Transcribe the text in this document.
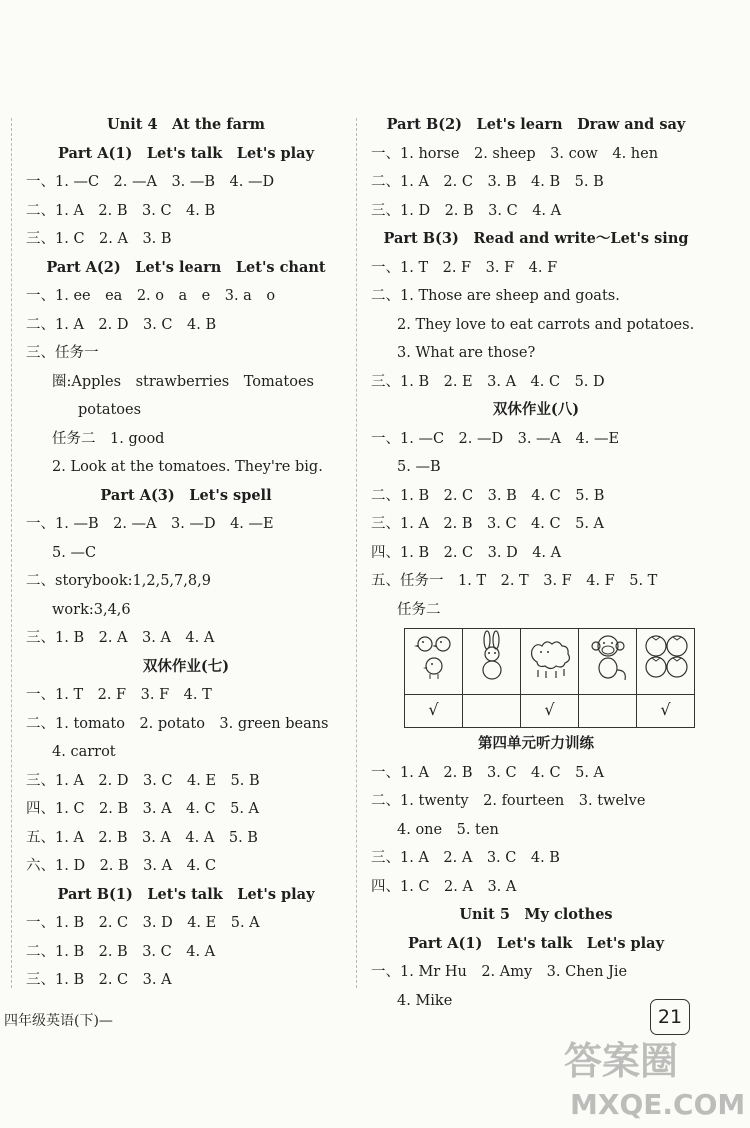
Unit 4　At the farm
Part A(1)　Let's talk　Let's play
一、1. —C　2. —A　3. —B　4. —D
二、1. A　2. B　3. C　4. B
三、1. C　2. A　3. B
Part A(2)　Let's learn　Let's chant
一、1. ee　ea　2. o　a　e　3. a　o
二、1. A　2. D　3. C　4. B
三、任务一
圈:Apples　strawberries　Tomatoes
potatoes
任务二　1. good
2. Look at the tomatoes. They're big.
Part A(3)　Let's spell
一、1. —B　2. —A　3. —D　4. —E
5. —C
二、storybook:1,2,5,7,8,9
work:3,4,6
三、1. B　2. A　3. A　4. A
双休作业(七)
一、1. T　2. F　3. F　4. T
二、1. tomato　2. potato　3. green beans
4. carrot
三、1. A　2. D　3. C　4. E　5. B
四、1. C　2. B　3. A　4. C　5. A
五、1. A　2. B　3. A　4. A　5. B
六、1. D　2. B　3. A　4. C
Part B(1)　Let's talk　Let's play
一、1. B　2. C　3. D　4. E　5. A
二、1. B　2. B　3. C　4. A
三、1. B　2. C　3. A
Part B(2)　Let's learn　Draw and say
一、1. horse　2. sheep　3. cow　4. hen
二、1. A　2. C　3. B　4. B　5. B
三、1. D　2. B　3. C　4. A
Part B(3)　Read and write～Let's sing
一、1. T　2. F　3. F　4. F
二、1. Those are sheep and goats.
2. They love to eat carrots and potatoes.
3. What are those?
三、1. B　2. E　3. A　4. C　5. D
双休作业(八)
一、1. —C　2. —D　3. —A　4. —E
5. —B
二、1. B　2. C　3. B　4. C　5. B
三、1. A　2. B　3. C　4. C　5. A
四、1. B　2. C　3. D　4. A
五、任务一　1. T　2. T　3. F　4. F　5. T
任务二

√		√		√
第四单元听力训练
一、1. A　2. B　3. C　4. C　5. A
二、1. twenty　2. fourteen　3. twelve
4. one　5. ten
三、1. A　2. A　3. C　4. B
四、1. C　2. A　3. A
Unit 5　My clothes
Part A(1)　Let's talk　Let's play
一、1. Mr Hu　2. Amy　3. Chen Jie
4. Mike
四年级英语(下)—	21
答案圈
MXQE.COM
